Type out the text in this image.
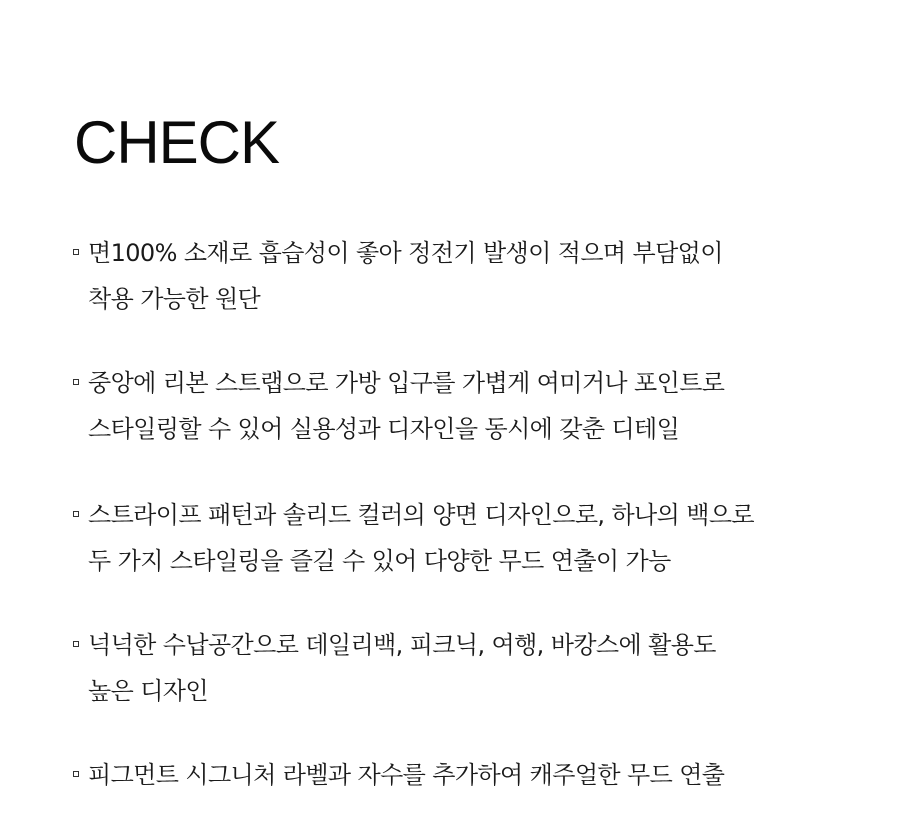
CHECK
면100% 소재로 흡습성이 좋아 정전기 발생이 적으며 부담없이
착용 가능한 원단
중앙에 리본 스트랩으로 가방 입구를 가볍게 여미거나 포인트로
스타일링할 수 있어 실용성과 디자인을 동시에 갖춘 디테일
스트라이프 패턴과 솔리드 컬러의 양면 디자인으로, 하나의 백으로
두 가지 스타일링을 즐길 수 있어 다양한 무드 연출이 가능
넉넉한 수납공간으로 데일리백, 피크닉, 여행, 바캉스에 활용도
높은 디자인
피그먼트 시그니처 라벨과 자수를 추가하여 캐주얼한 무드 연출
